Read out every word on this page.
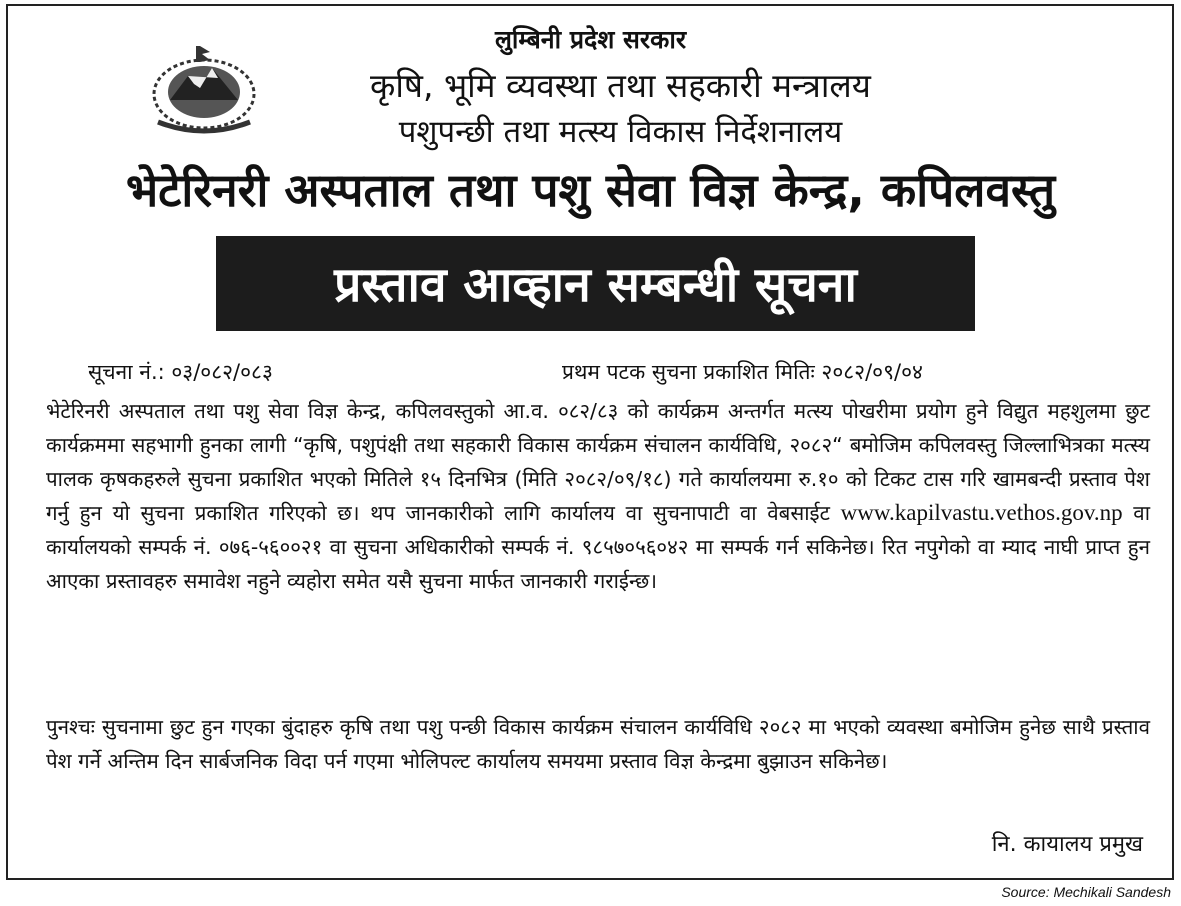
लुम्बिनी प्रदेश सरकार
कृषि, भूमि व्यवस्था तथा सहकारी मन्त्रालय
पशुपन्छी तथा मत्स्य विकास निर्देशनालय
भेटेरिनरी अस्पताल तथा पशु सेवा विज्ञ केन्द्र, कपिलवस्तु
प्रस्ताव आव्हान सम्बन्धी सूचना
सूचना नं.: ०३/०८२/०८३	प्रथम पटक सुचना प्रकाशित मितिः २०८२/०९/०४
भेटेरिनरी अस्पताल तथा पशु सेवा विज्ञ केन्द्र, कपिलवस्तुको आ.व. ०८२/८३ को कार्यक्रम अन्तर्गत मत्स्य पोखरीमा प्रयोग हुने विद्युत महशुलमा छुट कार्यक्रममा सहभागी हुनका लागी “कृषि, पशुपंक्षी तथा सहकारी विकास कार्यक्रम संचालन कार्यविधि, २०८२“ बमोजिम कपिलवस्तु जिल्लाभित्रका मत्स्य पालक कृषकहरुले सुचना प्रकाशित भएको मितिले १५ दिनभित्र (मिति २०८२/०९/१८) गते कार्यालयमा रु.१० को टिकट टास गरि खामबन्दी प्रस्ताव पेश गर्नु हुन यो सुचना प्रकाशित गरिएको छ। थप जानकारीको लागि कार्यालय वा सुचनापाटी वा वेबसाईट www.kapilvastu.vethos.gov.np वा कार्यालयको सम्पर्क नं. ०७६-५६००२१ वा सुचना अधिकारीको सम्पर्क नं. ९८५७०५६०४२ मा सम्पर्क गर्न सकिनेछ। रित नपुगेको वा म्याद नाघी प्राप्त हुन आएका प्रस्तावहरु समावेश नहुने व्यहोरा समेत यसै सुचना मार्फत जानकारी गराईन्छ।
पुनश्चः सुचनामा छुट हुन गएका बुंदाहरु कृषि तथा पशु पन्छी विकास कार्यक्रम संचालन कार्यविधि २०८२ मा भएको व्यवस्था बमोजिम हुनेछ साथै प्रस्ताव पेश गर्ने अन्तिम दिन सार्बजनिक विदा पर्न गएमा भोलिपल्ट कार्यालय समयमा प्रस्ताव विज्ञ केन्द्रमा बुझाउन सकिनेछ।
नि. कायालय प्रमुख
Source: Mechikali Sandesh
